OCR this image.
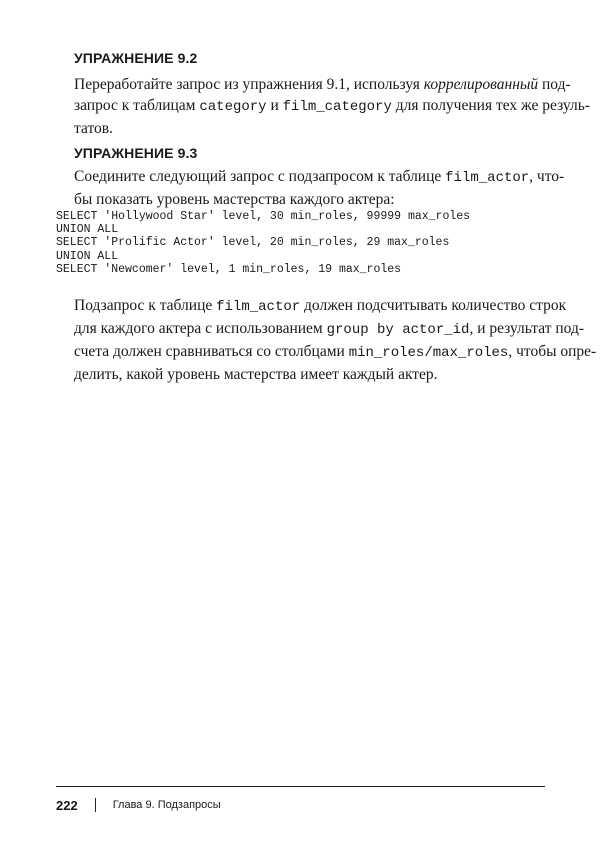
УПРАЖНЕНИЕ 9.2

Переработайте запрос из упражнения 9.1, используя коррелированный под-
запрос к таблицам category и film_category для получения тех же резуль-
татов.

УПРАЖНЕНИЕ 9.3

Соедините следующий запрос с подзапросом к таблице film_actor, что-
бы показать уровень мастерства каждого актера:

SELECT 'Hollywood Star' level, 30 min_roles, 99999 max_roles
UNION ALL
SELECT 'Prolific Actor' level, 20 min_roles, 29 max_roles
UNION ALL
SELECT 'Newcomer' level, 1 min_roles, 19 max_roles

Подзапрос к таблице film_actor должен подсчитывать количество строк
для каждого актера с использованием group by actor_id, и результат под-
счета должен сравниваться со столбцами min_roles/max_roles, чтобы опре-
делить, какой уровень мастерства имеет каждый актер.

222	Глава 9. Подзапросы
